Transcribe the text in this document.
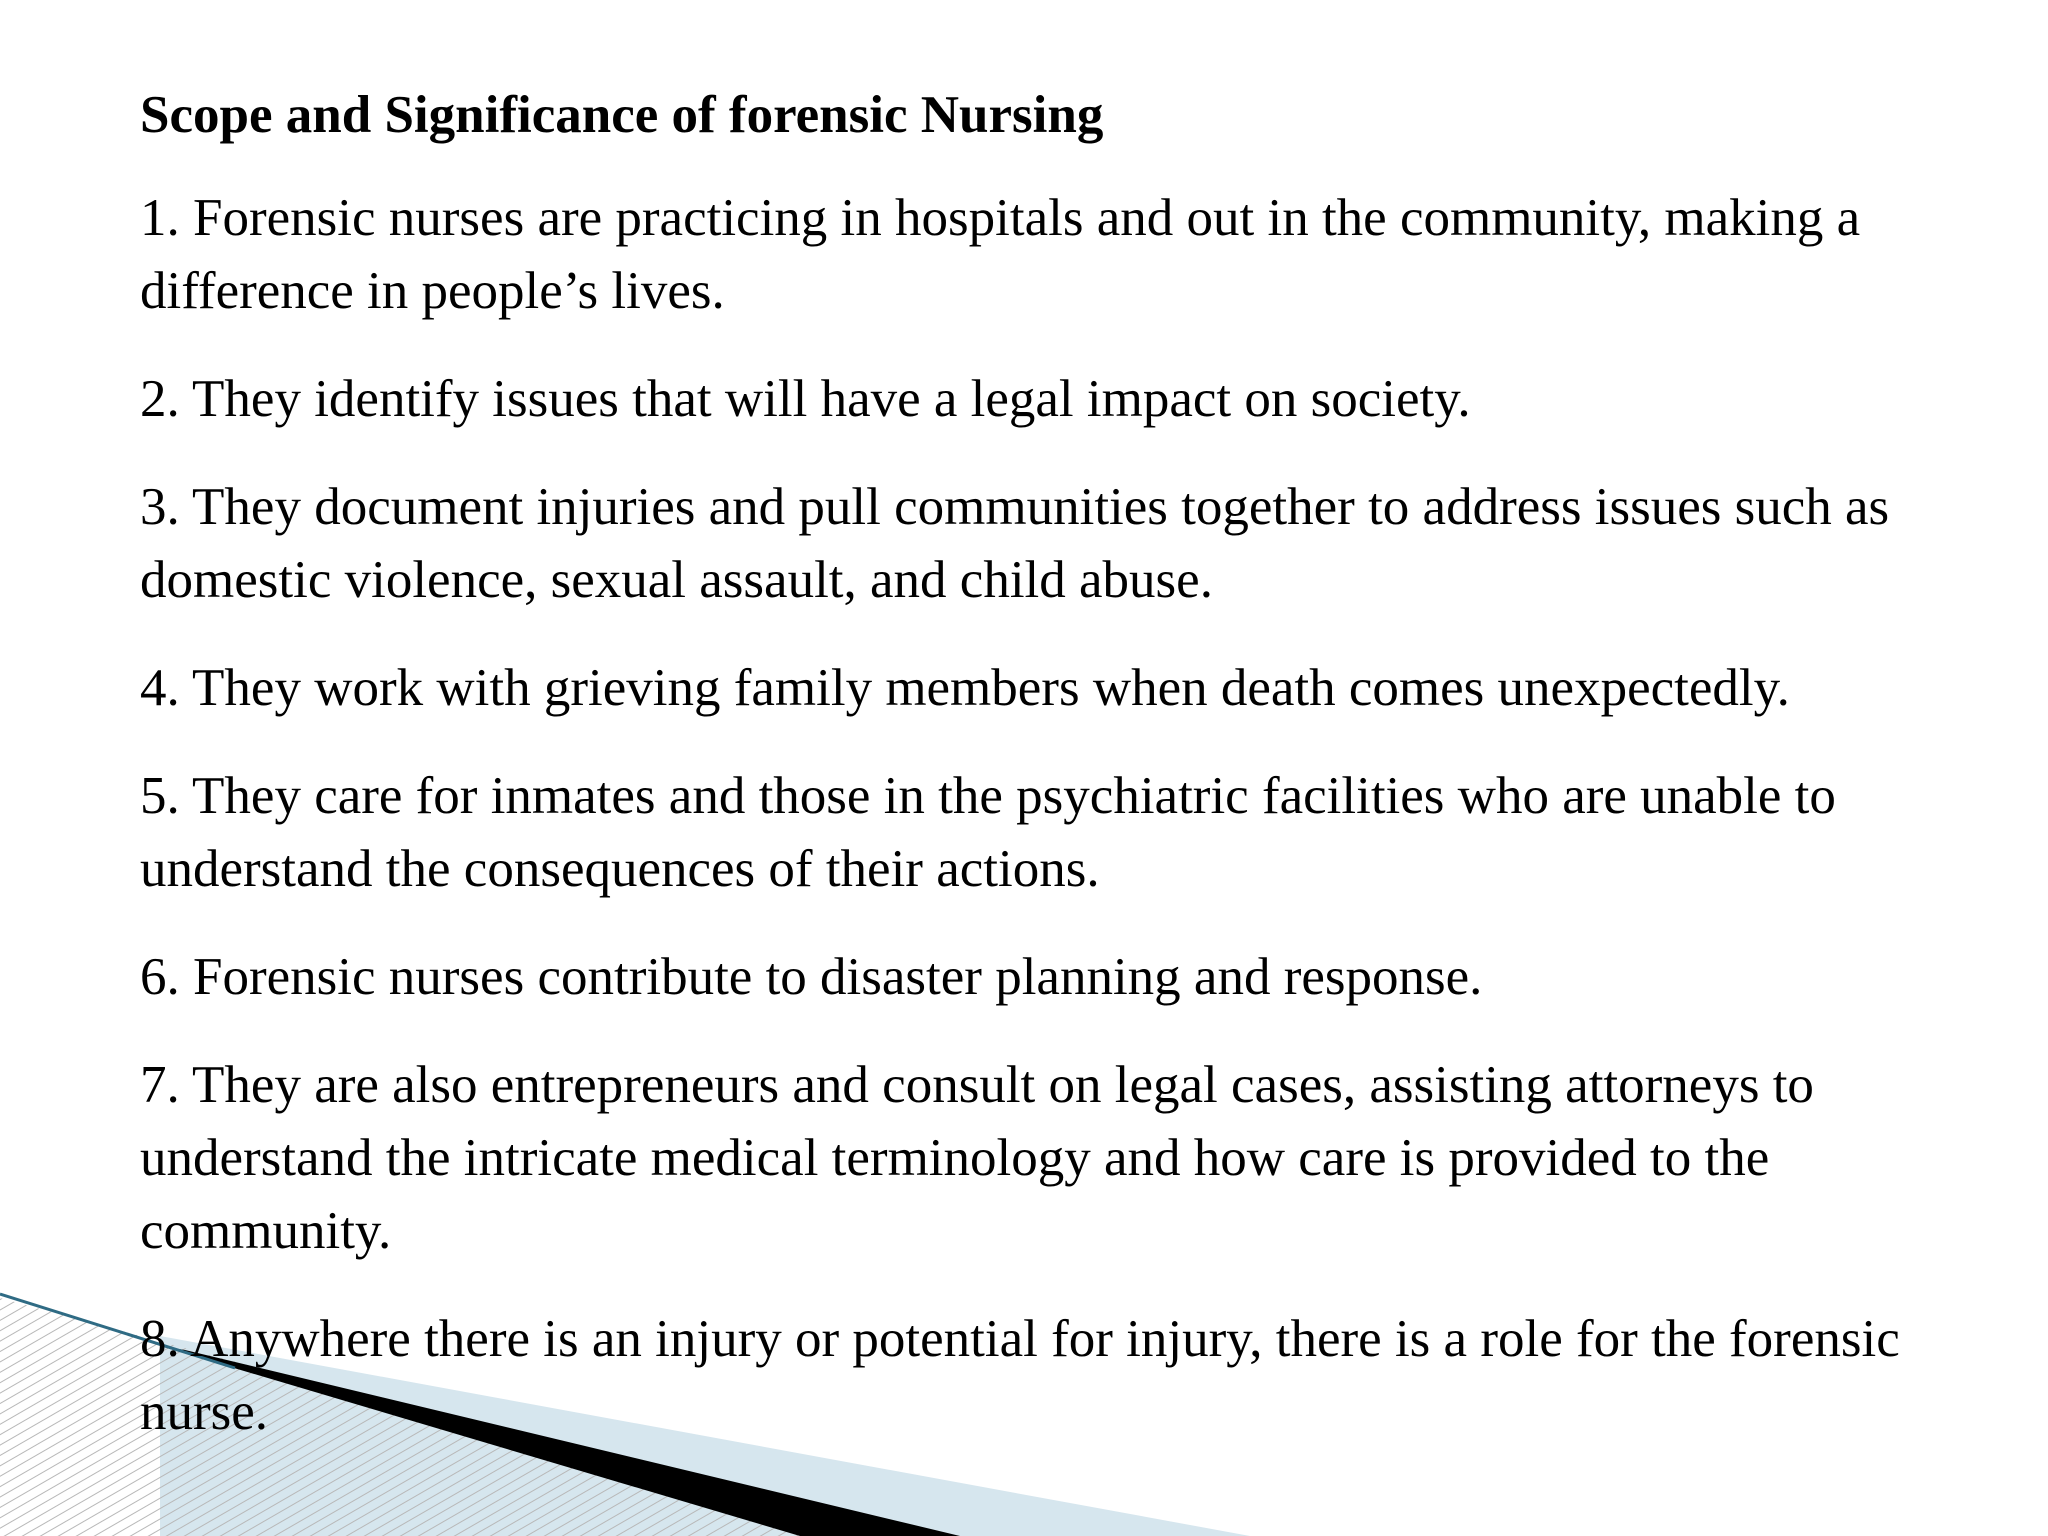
Scope and Significance of forensic Nursing
1. Forensic nurses are practicing in hospitals and out in the community, making a difference in people’s lives.
2. They identify issues that will have a legal impact on society.
3. They document injuries and pull communities together to address issues such as domestic violence, sexual assault, and child abuse.
4. They work with grieving family members when death comes unexpectedly.
5. They care for inmates and those in the psychiatric facilities who are unable to understand the consequences of their actions.
6. Forensic nurses contribute to disaster planning and response.
7. They are also entrepreneurs and consult on legal cases, assisting attorneys to understand the intricate medical terminology and how care is provided to the community.
8. Anywhere there is an injury or potential for injury, there is a role for the forensic nurse.
